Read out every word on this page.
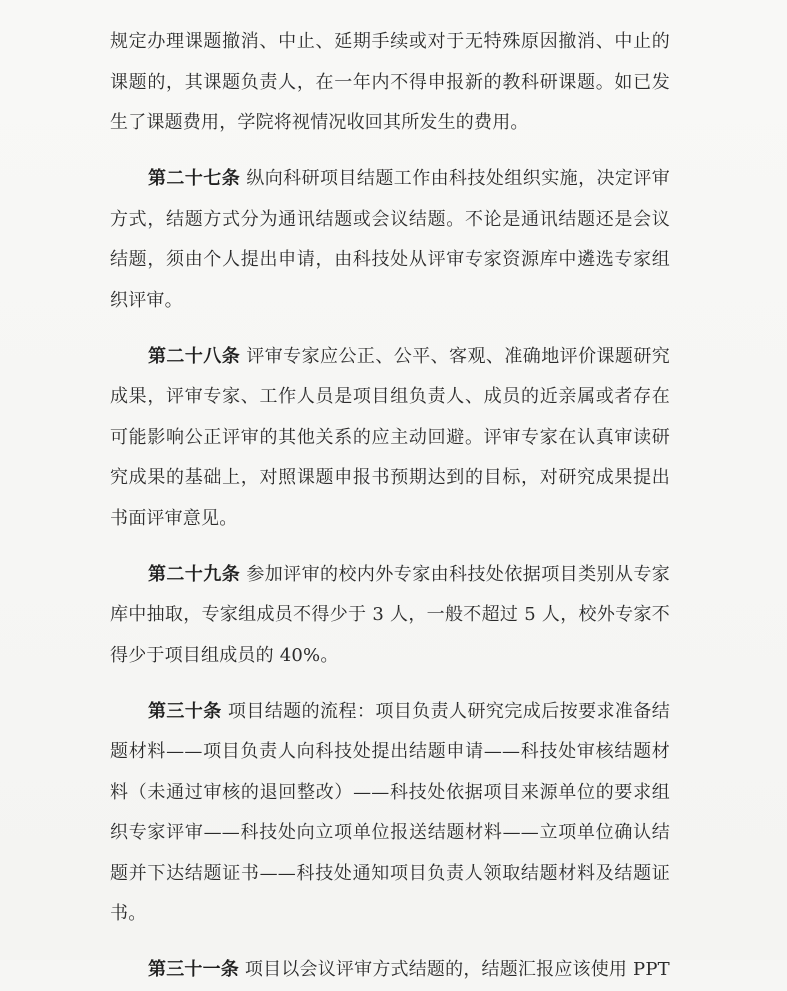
规定办理课题撤消、中止、延期手续或对于无特殊原因撤消、中止的课题的，其课题负责人，在一年内不得申报新的教科研课题。如已发生了课题费用，学院将视情况收回其所发生的费用。

第二十七条 纵向科研项目结题工作由科技处组织实施，决定评审方式，结题方式分为通讯结题或会议结题。不论是通讯结题还是会议结题，须由个人提出申请，由科技处从评审专家资源库中遴选专家组织评审。

第二十八条 评审专家应公正、公平、客观、准确地评价课题研究成果，评审专家、工作人员是项目组负责人、成员的近亲属或者存在可能影响公正评审的其他关系的应主动回避。评审专家在认真审读研究成果的基础上，对照课题申报书预期达到的目标，对研究成果提出书面评审意见。

第二十九条 参加评审的校内外专家由科技处依据项目类别从专家库中抽取，专家组成员不得少于 3 人，一般不超过 5 人，校外专家不得少于项目组成员的 40%。

第三十条 项目结题的流程：项目负责人研究完成后按要求准备结题材料——项目负责人向科技处提出结题申请——科技处审核结题材料（未通过审核的退回整改）——科技处依据项目来源单位的要求组织专家评审——科技处向立项单位报送结题材料——立项单位确认结题并下达结题证书——科技处通知项目负责人领取结题材料及结题证书。

第三十一条 项目以会议评审方式结题的，结题汇报应该使用 PPT
